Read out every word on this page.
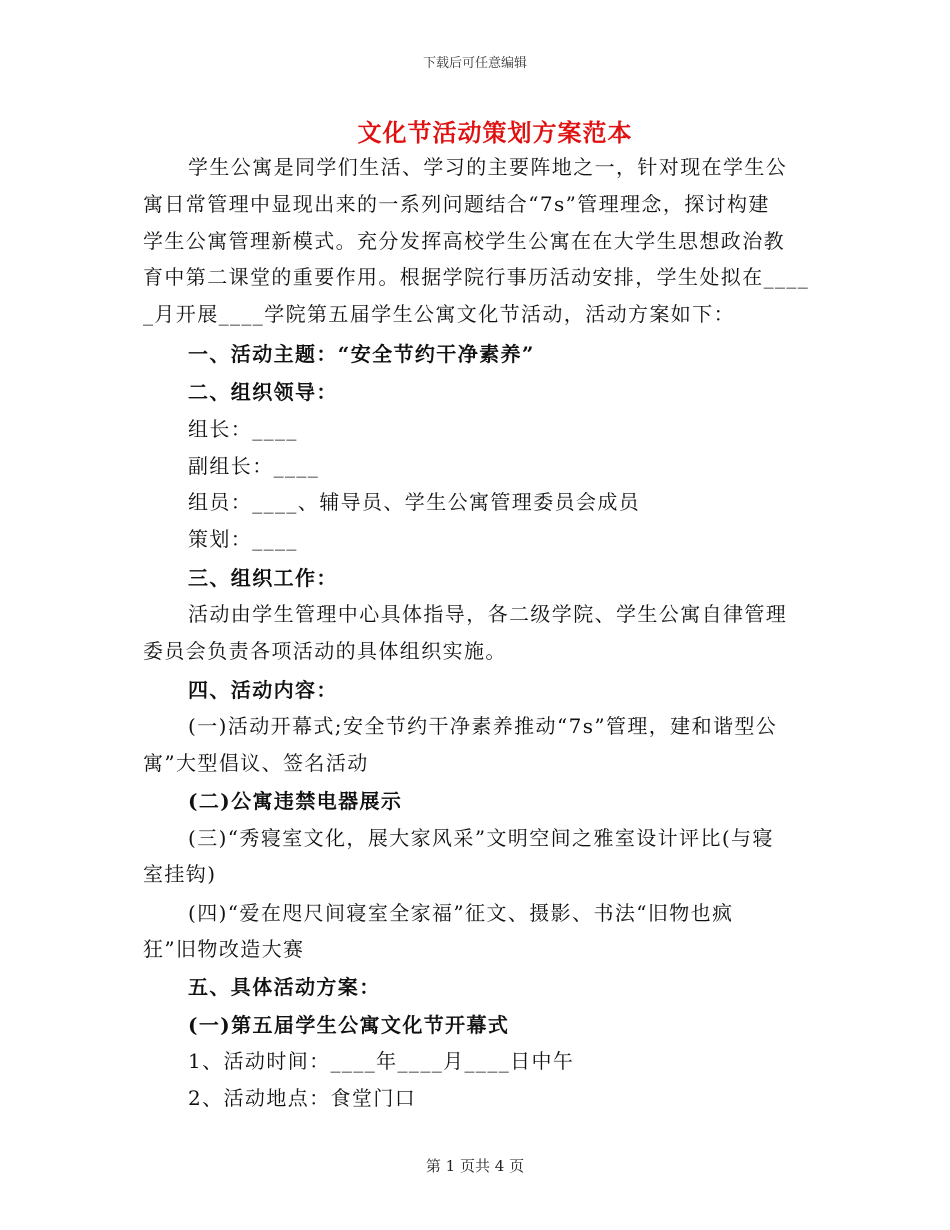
下载后可任意编辑
文化节活动策划方案范本
学生公寓是同学们生活、学习的主要阵地之一，针对现在学生公
寓日常管理中显现出来的一系列问题结合“7s”管理理念，探讨构建
学生公寓管理新模式。充分发挥高校学生公寓在在大学生思想政治教
育中第二课堂的重要作用。根据学院行事历活动安排，学生处拟在____
_月开展____学院第五届学生公寓文化节活动，活动方案如下：
一、活动主题：“安全节约干净素养”
二、组织领导：
组长：____
副组长：____
组员：____、辅导员、学生公寓管理委员会成员
策划：____
三、组织工作：
活动由学生管理中心具体指导，各二级学院、学生公寓自律管理
委员会负责各项活动的具体组织实施。
四、活动内容：
(一)活动开幕式;安全节约干净素养推动“7s”管理，建和谐型公
寓”大型倡议、签名活动
(二)公寓违禁电器展示
(三)“秀寝室文化，展大家风采”文明空间之雅室设计评比(与寝
室挂钩)
(四)“爱在咫尺间寝室全家福”征文、摄影、书法“旧物也疯
狂”旧物改造大赛
五、具体活动方案：
(一)第五届学生公寓文化节开幕式
1、活动时间：____年____月____日中午
2、活动地点：食堂门口
第 1 页共 4 页
